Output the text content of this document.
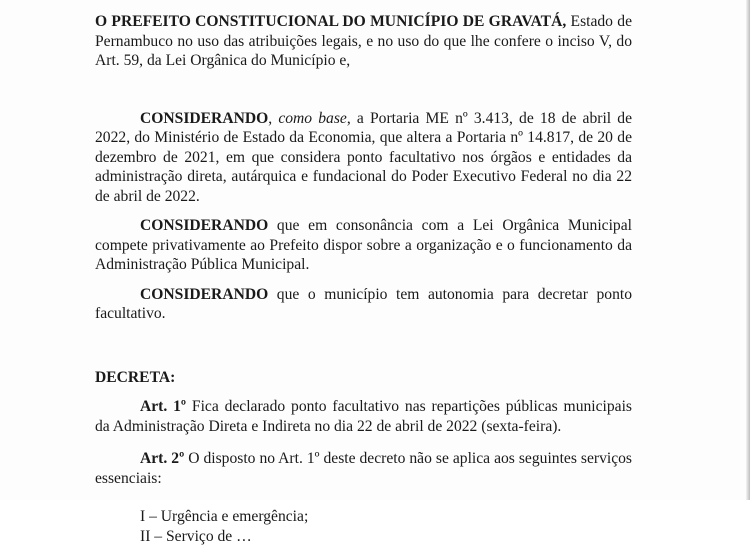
O PREFEITO CONSTITUCIONAL DO MUNICÍPIO DE GRAVATÁ, Estado de Pernambuco no uso das atribuições legais, e no uso do que lhe confere o inciso V, do Art. 59, da Lei Orgânica do Município e,

CONSIDERANDO, como base, a Portaria ME nº 3.413, de 18 de abril de 2022, do Ministério de Estado da Economia, que altera a Portaria nº 14.817, de 20 de dezembro de 2021, em que considera ponto facultativo nos órgãos e entidades da administração direta, autárquica e fundacional do Poder Executivo Federal no dia 22 de abril de 2022.

CONSIDERANDO que em consonância com a Lei Orgânica Municipal compete privativamente ao Prefeito dispor sobre a organização e o funcionamento da Administração Pública Municipal.

CONSIDERANDO que o município tem autonomia para decretar ponto facultativo.

DECRETA:

Art. 1º Fica declarado ponto facultativo nas repartições públicas municipais da Administração Direta e Indireta no dia 22 de abril de 2022 (sexta-feira).

Art. 2º O disposto no Art. 1º deste decreto não se aplica aos seguintes serviços essenciais:

I – Urgência e emergência;

II – Serviço de …
